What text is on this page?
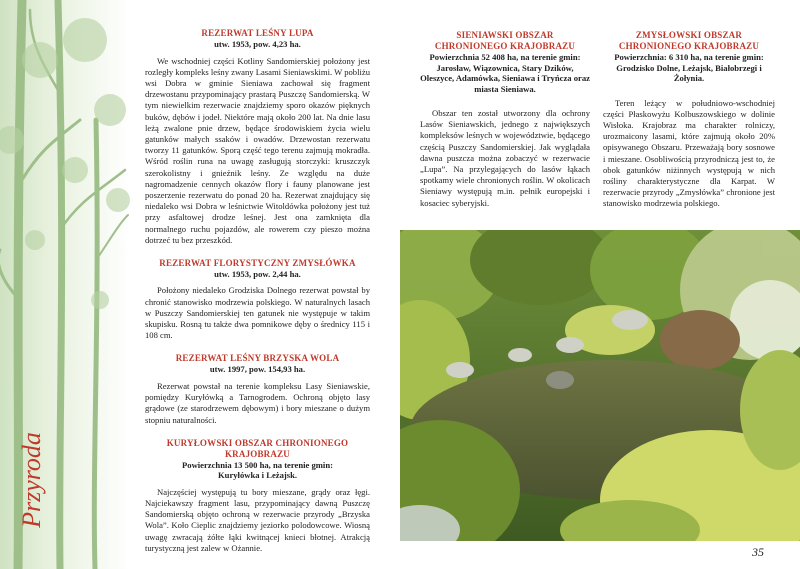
Przyroda
REZERWAT LEŚNY LUPA
utw. 1953, pow. 4,23 ha.
We wschodniej części Kotliny Sandomierskiej położony jest rozległy kompleks leśny zwany Lasami Sieniawskimi. W pobliżu wsi Dobra w gminie Sieniawa zachował się fragment drzewostanu przypominający prastarą Puszczę Sandomierską. W tym niewielkim rezerwacie znajdziemy sporo okazów pięknych buków, dębów i jodeł. Niektóre mają około 200 lat. Na dnie lasu leżą zwalone pnie drzew, będące środowiskiem życia wielu gatunków małych ssaków i owadów. Drzewostan rezerwatu tworzy 11 gatunków. Sporą część tego terenu zajmują mokradła. Wśród roślin runa na uwagę zasługują storczyki: kruszczyk szerokolistny i gnieźnik leśny. Ze względu na duże nagromadzenie cennych okazów flory i fauny planowane jest poszerzenie rezerwatu do ponad 20 ha. Rezerwat znajdujący się niedaleko wsi Dobra w leśnictwie Witoldówka położony jest tuż przy asfaltowej drodze leśnej. Jest ona zamknięta dla normalnego ruchu pojazdów, ale rowerem czy pieszo można dotrzeć tu bez przeszkód.
REZERWAT FLORYSTYCZNY ZMYSŁÓWKA
utw. 1953, pow. 2,44 ha.
Położony niedaleko Grodziska Dolnego rezerwat powstał by chronić stanowisko modrzewia polskiego. W naturalnych lasach w Puszczy Sandomierskiej ten gatunek nie występuje w takim skupisku. Rosną tu także dwa pomnikowe dęby o średnicy 115 i 108 cm.
REZERWAT LEŚNY BRZYSKA WOLA
utw. 1997, pow. 154,93 ha.
Rezerwat powstał na terenie kompleksu Lasy Sieniawskie, pomiędzy Kuryłówką a Tarnogrodem. Ochroną objęto lasy grądowe (ze starodrzewem dębowym) i bory mieszane o dużym stopniu naturalności.
KURYŁOWSKI OBSZAR CHRONIONEGO
KRAJOBRAZU
Powierzchnia 13 500 ha, na terenie gmin:
Kuryłówka i Leżajsk.
Najczęściej występują tu bory mieszane, grądy oraz łęgi. Najciekawszy fragment lasu, przypominający dawną Puszczę Sandomierską objęto ochroną w rezerwacie przyrody „Brzyska Wola”. Koło Cieplic znajdziemy jeziorko polodowcowe. Wiosną uwagę zwracają żółte łąki kwitnącej knieci błotnej. Atrakcją turystyczną jest zalew w Ożannie.
SIENIAWSKI OBSZAR
CHRONIONEGO KRAJOBRAZU
Powierzchnia 52 408 ha, na terenie gmin: Jarosław, Wiązownica, Stary Dzików, Oleszyce, Adamówka, Sieniawa i Tryńcza oraz miasta Sieniawa.
Obszar ten został utworzony dla ochrony Lasów Sieniawskich, jednego z największych kompleksów leśnych w województwie, będącego częścią Puszczy Sandomierskiej. Jak wyglądała dawna puszcza można zobaczyć w rezerwacie „Lupa”. Na przylegających do lasów łąkach spotkamy wiele chronionych roślin. W okolicach Sieniawy występują m.in. pełnik europejski i kosaciec syberyjski.
ZMYSŁOWSKI OBSZAR
CHRONIONEGO KRAJOBRAZU
Powierzchnia: 6 310 ha, na terenie gmin: Grodzisko Dolne, Leżajsk, Białobrzegi i Żołynia.
Teren leżący w południowo-wschodniej części Płaskowyżu Kolbuszowskiego w dolinie Wisłoka. Krajobraz ma charakter rolniczy, urozmaicony lasami, które zajmują około 20% opisywanego Obszaru. Przeważają bory sosnowe i mieszane. Osobliwością przyrodniczą jest to, że obok gatunków niżinnych występują w nich rośliny charakterystyczne dla Karpat. W rezerwacie przyrody „Zmysłówka” chronione jest stanowisko modrzewia polskiego.
35
